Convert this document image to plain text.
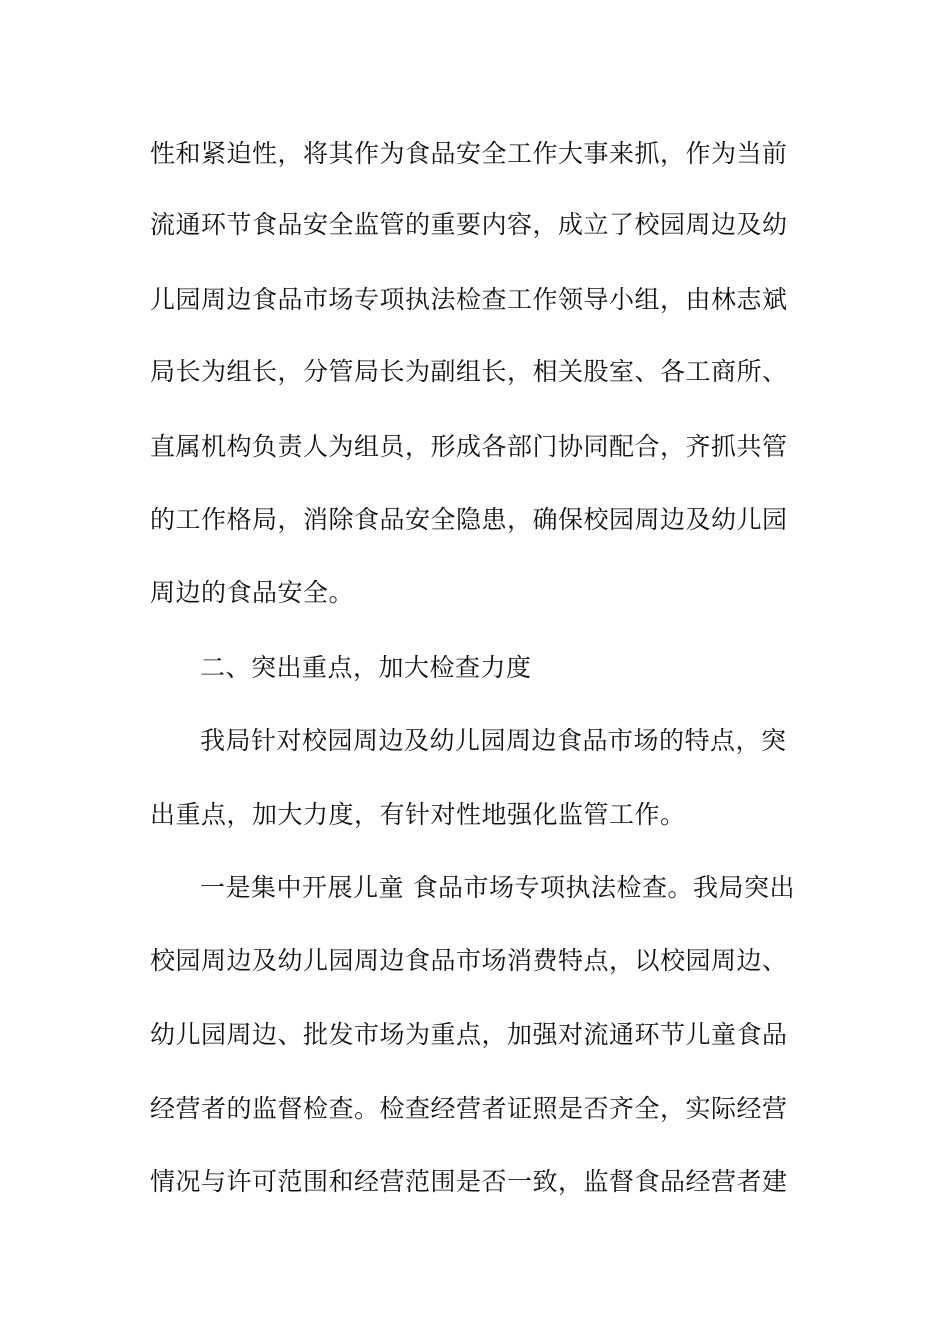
性和紧迫性，将其作为食品安全工作大事来抓，作为当前
流通环节食品安全监管的重要内容，成立了校园周边及幼
儿园周边食品市场专项执法检查工作领导小组，由林志斌
局长为组长，分管局长为副组长，相关股室、各工商所、
直属机构负责人为组员，形成各部门协同配合，齐抓共管
的工作格局，消除食品安全隐患，确保校园周边及幼儿园
周边的食品安全。
二、突出重点，加大检查力度
我局针对校园周边及幼儿园周边食品市场的特点，突
出重点，加大力度，有针对性地强化监管工作。
一是集中开展儿童 食品市场专项执法检查。我局突出
校园周边及幼儿园周边食品市场消费特点，以校园周边、
幼儿园周边、批发市场为重点，加强对流通环节儿童食品
经营者的监督检查。检查经营者证照是否齐全，实际经营
情况与许可范围和经营范围是否一致，监督食品经营者建
